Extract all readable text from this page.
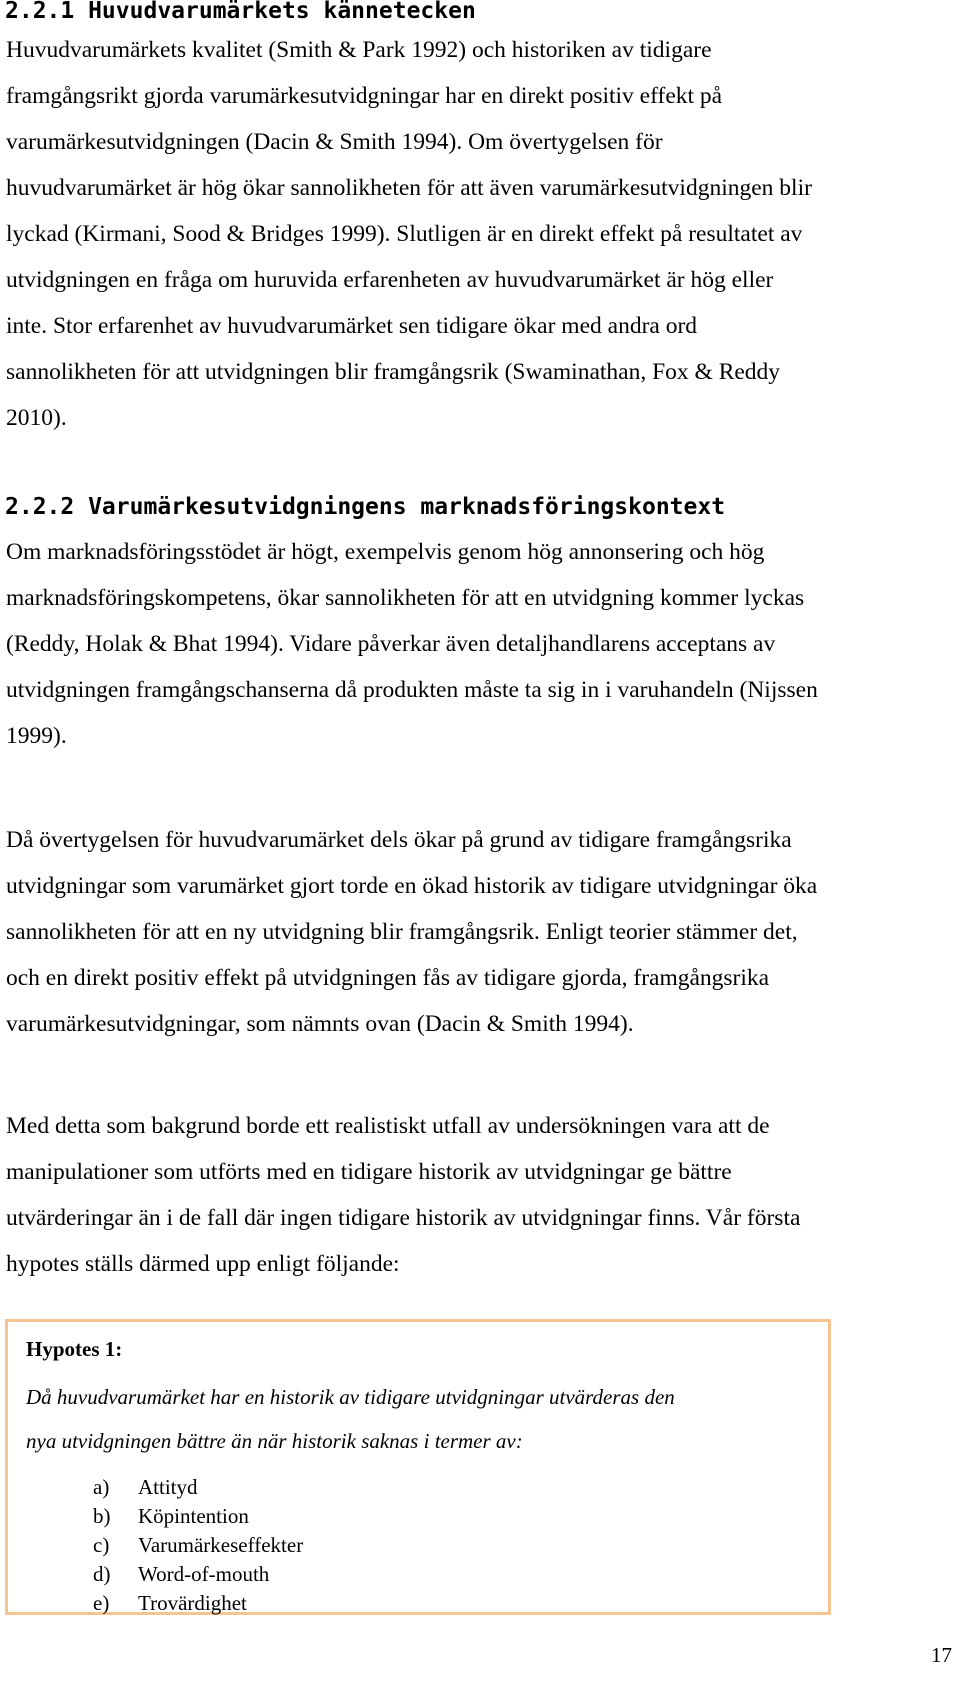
2.2.1 Huvudvarumärkets kännetecken
Huvudvarumärkets kvalitet (Smith & Park 1992) och historiken av tidigare
framgångsrikt gjorda varumärkesutvidgningar har en direkt positiv effekt på
varumärkesutvidgningen (Dacin & Smith 1994). Om övertygelsen för
huvudvarumärket är hög ökar sannolikheten för att även varumärkesutvidgningen blir
lyckad (Kirmani, Sood & Bridges 1999). Slutligen är en direkt effekt på resultatet av
utvidgningen en fråga om huruvida erfarenheten av huvudvarumärket är hög eller
inte. Stor erfarenhet av huvudvarumärket sen tidigare ökar med andra ord
sannolikheten för att utvidgningen blir framgångsrik (Swaminathan, Fox & Reddy
2010).
2.2.2 Varumärkesutvidgningens marknadsföringskontext
Om marknadsföringsstödet är högt, exempelvis genom hög annonsering och hög
marknadsföringskompetens, ökar sannolikheten för att en utvidgning kommer lyckas
(Reddy, Holak & Bhat 1994). Vidare påverkar även detaljhandlarens acceptans av
utvidgningen framgångschanserna då produkten måste ta sig in i varuhandeln (Nijssen
1999).
Då övertygelsen för huvudvarumärket dels ökar på grund av tidigare framgångsrika
utvidgningar som varumärket gjort torde en ökad historik av tidigare utvidgningar öka
sannolikheten för att en ny utvidgning blir framgångsrik. Enligt teorier stämmer det,
och en direkt positiv effekt på utvidgningen fås av tidigare gjorda, framgångsrika
varumärkesutvidgningar, som nämnts ovan (Dacin & Smith 1994).
Med detta som bakgrund borde ett realistiskt utfall av undersökningen vara att de
manipulationer som utförts med en tidigare historik av utvidgningar ge bättre
utvärderingar än i de fall där ingen tidigare historik av utvidgningar finns. Vår första
hypotes ställs därmed upp enligt följande:

Hypotes 1:

Då huvudvarumärket har en historik av tidigare utvidgningar utvärderas den
nya utvidgningen bättre än när historik saknas i termer av:

a)	Attityd
b)	Köpintention
c)	Varumärkeseffekter
d)	Word-of-mouth
e)	Trovärdighet
17
